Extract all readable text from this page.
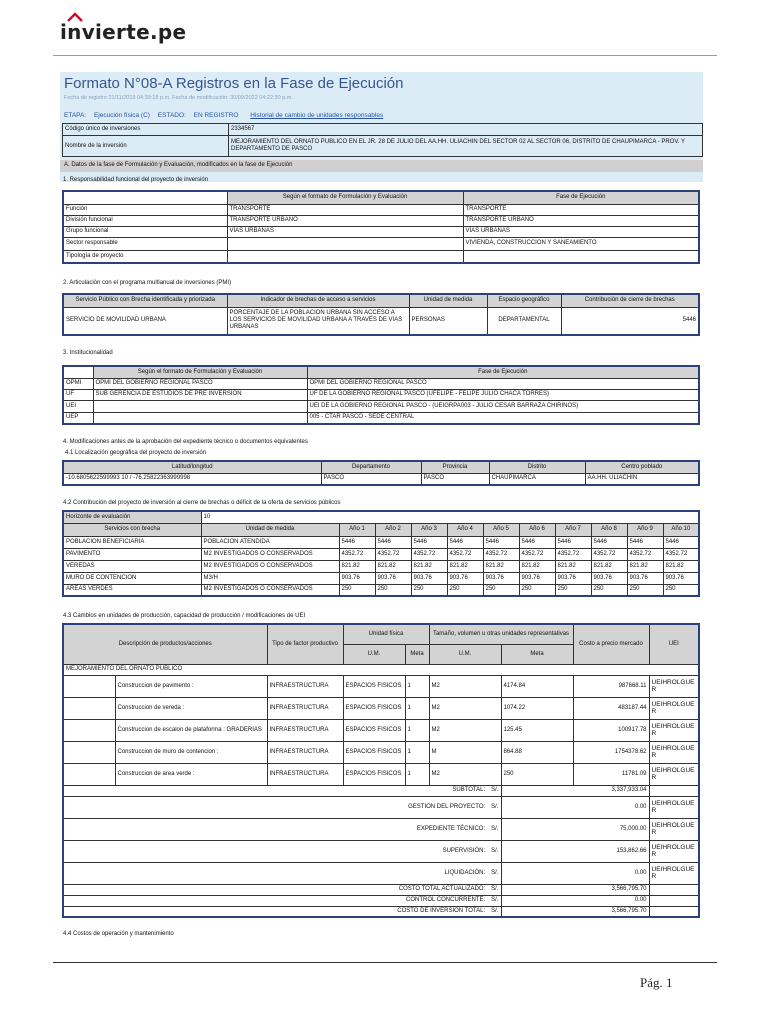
invierte.pe
Formato N°08-A Registros en la Fase de Ejecución
Fecha de registro 21/11/2019 04:39:18 p.m. Fecha de modificación: 30/09/2022 04:22:30 p.m.
ETAPA: Ejecución física (C) ESTADO: EN REGISTRO Historial de cambio de unidades responsables
Código único de inversiones	2334567
Nombre de la inversión	MEJORAMIENTO DEL ORNATO PUBLICO EN EL JR. 28 DE JULIO DEL AA.HH. ULIACHIN DEL SECTOR 02 AL SECTOR 06, DISTRITO DE CHAUPIMARCA - PROV. Y DEPARTAMENTO DE PASCO
A. Datos de la fase de Formulación y Evaluación, modificados en la fase de Ejecución
1. Responsabilidad funcional del proyecto de inversión
	Según el formato de Formulación y Evaluación	Fase de Ejecución
Función	TRANSPORTE	TRANSPORTE
División funcional	TRANSPORTE URBANO	TRANSPORTE URBANO
Grupo funcional	VÍAS URBANAS	VÍAS URBANAS
Sector responsable		VIVIENDA, CONSTRUCCION Y SANEAMIENTO
Tipología de proyecto		
2. Articulación con el programa multianual de inversiones (PMI)
Servicio Público con Brecha identificada y priorizada	Indicador de brechas de acceso a servicios	Unidad de medida	Espacio geográfico	Contribución de cierre de brechas
SERVICIO DE MOVILIDAD URBANA	PORCENTAJE DE LA POBLACION URBANA SIN ACCESO A LOS SERVICIOS DE MOVILIDAD URBANA A TRAVÉS DE VIAS URBANAS	PERSONAS	DEPARTAMENTAL	5446
3. Institucionalidad
	Según el formato de Formulación y Evaluación	Fase de Ejecución
OPMI	OPMI DEL GOBIERNO REGIONAL PASCO	OPMI DEL GOBIERNO REGIONAL PASCO
UF	SUB GERENCIA DE ESTUDIOS DE PRE INVERSION	UF DE LA GOBIERNO REGIONAL PASCO (UFELIPE - FELIPE JULIO CHACA TORRES)
UEI		UEI DE LA GOBIERNO REGIONAL PASCO - (UEIGRPA003 - JULIO CESAR BARRAZA CHIRINOS)
UEP		005 - CTAR PASCO - SEDE CENTRAL
4. Modificaciones antes de la aprobación del expediente técnico o documentos equivalentes
4.1 Localización geográfica del proyecto de inversión
Latitud/longitud	Departamento	Provincia	Distrito	Centro poblado
-10.6805622599993 10 / -76.25822363999998	PASCO	PASCO	CHAUPIMARCA	AA.HH. ULIACHIN
4.2 Contribución del proyecto de inversión al cierre de brechas o déficit de la oferta de servicios públicos
Horizonte de evaluación	10										
Servicios con brecha	Unidad de medida	Año 1	Año 2	Año 3	Año 4	Año 5	Año 6	Año 7	Año 8	Año 9	Año 10
POBLACION BENEFICIARIA	POBLACION ATENDIDA	5446	5446	5446	5446	5446	5446	5446	5446	5446	5446
PAVIMENTO	M2 INVESTIGADOS O CONSERVADOS	4352.72	4352.72	4352.72	4352.72	4352.72	4352.72	4352.72	4352.72	4352.72	4352.72
VEREDAS	M2 INVESTIGADOS O CONSERVADOS	821.82	821.82	821.82	821.82	821.82	821.82	821.82	821.82	821.82	821.82
MURO DE CONTENCION	M3/H	903.76	903.76	903.76	903.76	903.76	903.76	903.76	903.76	903.76	903.76
AREAS VERDES	M2 INVESTIGADOS O CONSERVADOS	250	250	250	250	250	250	250	250	250	250
4.3 Cambios en unidades de producción, capacidad de producción / modificaciones de UEI
Descripción de productos/acciones		Tipo de factor productivo	Unidad física		Tamaño, volumen u otras unidades representativas		Costo a precio mercado	UEI
			U.M.	Meta	U.M.	Meta		
MEJORAMIENTO DEL ORNATO PUBLICO								
	Construccion de pavimento :	INFRAESTRUCTURA	ESPACIOS FISICOS	1	M2	4174.84	987668.11	UEIHROLGUER
	Construccion de vereda :	INFRAESTRUCTURA	ESPACIOS FISICOS	1	M2	1074.22	483187.44	UEIHROLGUER
	Construccion de escalon de plataforma : GRADERIAS	INFRAESTRUCTURA	ESPACIOS FISICOS	1	M2	125.45	100917.78	UEIHROLGUER
	Construccion de muro de contencion :	INFRAESTRUCTURA	ESPACIOS FISICOS	1	M	864.88	1754378.62	UEIHROLGUER
	Construccion de area verde :	INFRAESTRUCTURA	ESPACIOS FISICOS	1	M2	250	11781.09	UEIHROLGUER
SUBTOTAL: S/.						3,337,933.04		
GESTION DEL PROYECTO: S/.						0.00		UEIHROLGUER
EXPEDIENTE TÉCNICO: S/.						75,000.00		UEIHROLGUER
SUPERVISIÓN: S/.						153,862.66		UEIHROLGUER
LIQUIDACIÓN: S/.						0.00		UEIHROLGUER
COSTO TOTAL ACTUALIZADO: S/.						3,566,795.70		
CONTROL CONCURRENTE: S/.						0.00		
COSTO DE INVERSIÓN TOTAL: S/.						3,566,795.70		
4.4 Costos de operación y mantenimiento
Pág. 1
